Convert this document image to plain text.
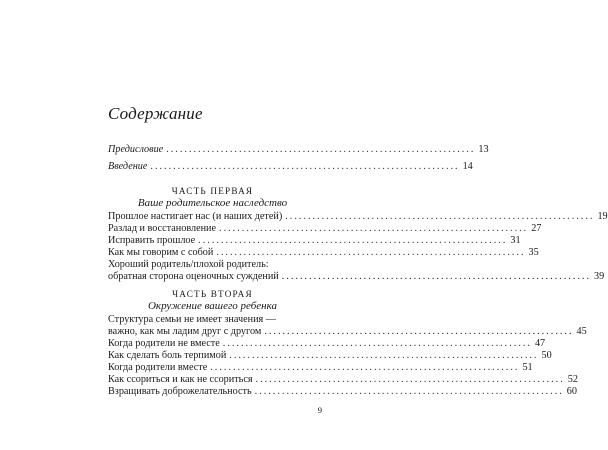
Содержание
Предисловие .................................................................... 13
Введение .................................................................... 14
ЧАСТЬ ПЕРВАЯ
Ваше родительское наследство
Прошлое настигает нас (и наших детей) .................................................................... 19
Разлад и восстановление .................................................................... 27
Исправить прошлое .................................................................... 31
Как мы говорим с собой .................................................................... 35
Хороший родитель/плохой родитель:
обратная сторона оценочных суждений .................................................................... 39
ЧАСТЬ ВТОРАЯ
Окружение вашего ребенка
Структура семьи не имеет значения —
важно, как мы ладим друг с другом .................................................................... 45
Когда родители не вместе .................................................................... 47
Как сделать боль терпимой .................................................................... 50
Когда родители вместе .................................................................... 51
Как ссориться и как не ссориться .................................................................... 52
Взращивать доброжелательность .................................................................... 60
9
